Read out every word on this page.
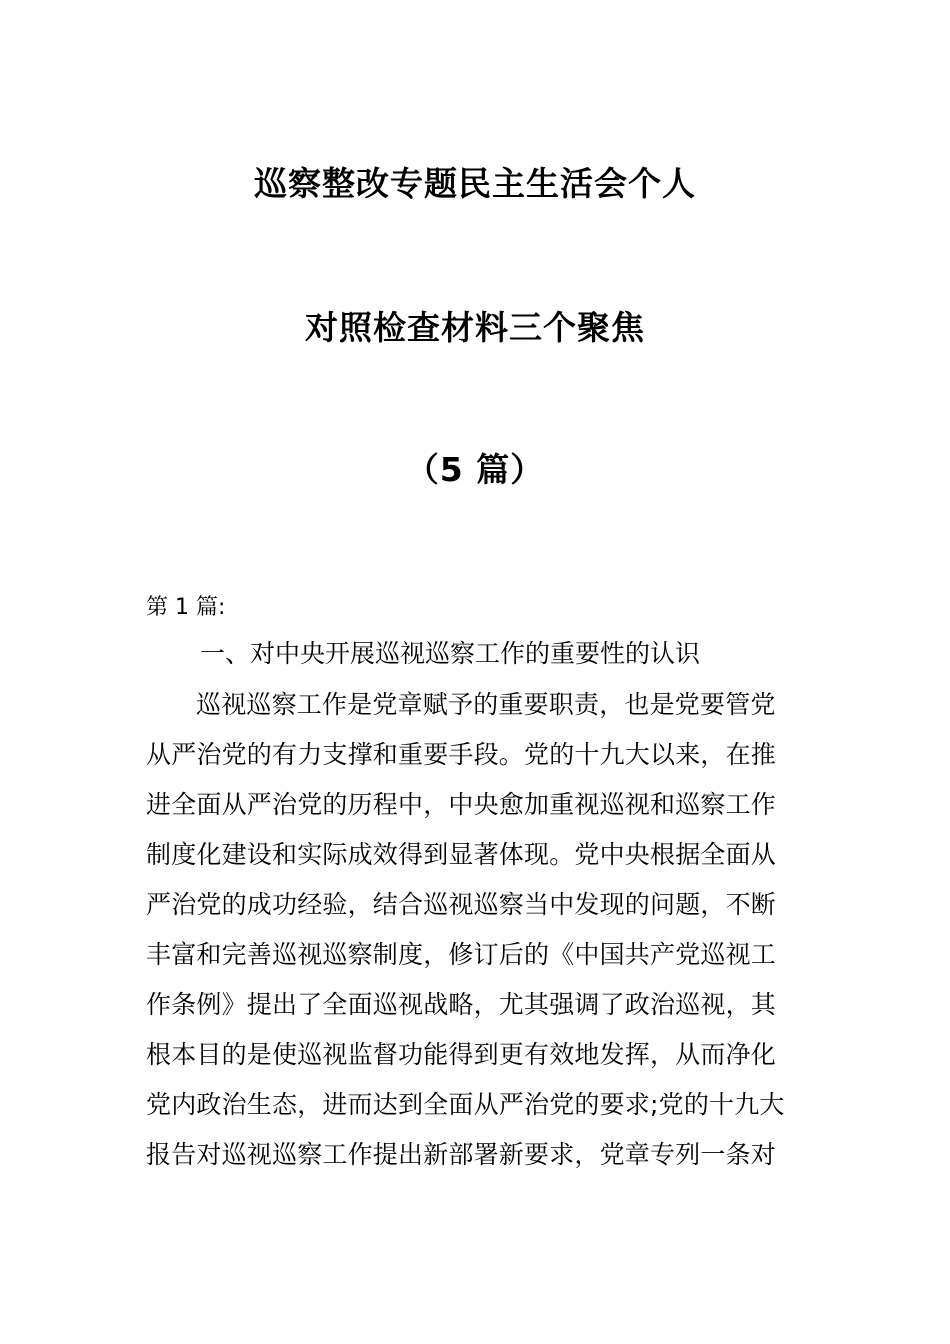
巡察整改专题民主生活会个人
对照检查材料三个聚焦
（5 篇）
第 1 篇:
一、对中央开展巡视巡察工作的重要性的认识
巡视巡察工作是党章赋予的重要职责，也是党要管党
从严治党的有力支撑和重要手段。党的十九大以来，在推
进全面从严治党的历程中，中央愈加重视巡视和巡察工作
制度化建设和实际成效得到显著体现。党中央根据全面从
严治党的成功经验，结合巡视巡察当中发现的问题，不断
丰富和完善巡视巡察制度，修订后的《中国共产党巡视工
作条例》提出了全面巡视战略，尤其强调了政治巡视，其
根本目的是使巡视监督功能得到更有效地发挥，从而净化
党内政治生态，进而达到全面从严治党的要求;党的十九大
报告对巡视巡察工作提出新部署新要求，党章专列一条对
